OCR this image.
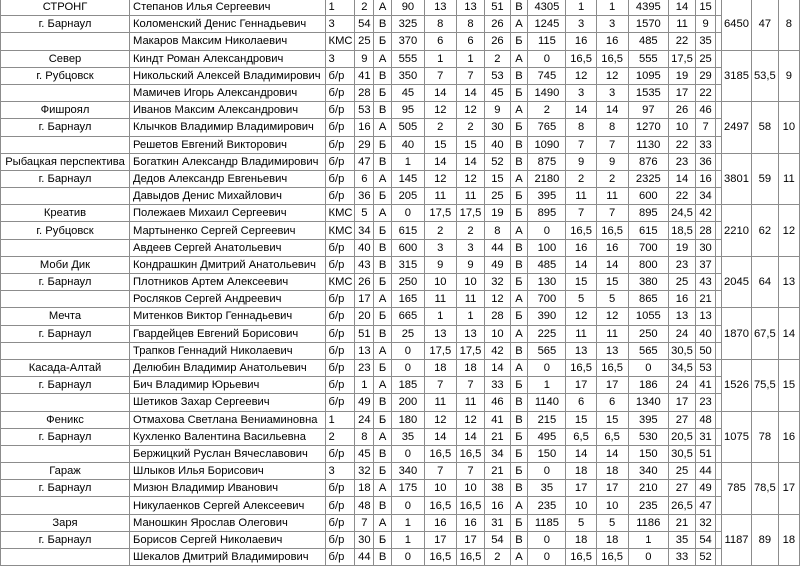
СТРОНГ	Степанов Илья Сергеевич	1	2	А	90	13	13	51	В	4305	1	1	4395	14	15		6450	47	8
г. Барнаул	Коломенский Денис Геннадьевич	3	54	В	325	8	8	26	А	1245	3	3	1570	11	9				
	Макаров Максим Николаевич	КМС	25	Б	370	6	6	26	Б	115	16	16	485	22	35				
Север	Киндт Роман Александрович	3	9	А	555	1	1	2	А	0	16,5	16,5	555	17,5	25		3185	53,5	9
г. Рубцовск	Никольский Алексей Владимирович	б/р	41	В	350	7	7	53	В	745	12	12	1095	19	29				
	Мамичев Игорь Александрович	б/р	28	Б	45	14	14	45	Б	1490	3	3	1535	17	22				
Фишроял	Иванов Максим Александрович	б/р	53	В	95	12	12	9	А	2	14	14	97	26	46		2497	58	10
г. Барнаул	Клычков Владимир Владимирович	б/р	16	А	505	2	2	30	Б	765	8	8	1270	10	7				
	Решетов Евгений Викторович	б/р	29	Б	40	15	15	40	В	1090	7	7	1130	22	33				
Рыбацкая перспектива	Богаткин Александр Владимирович	б/р	47	В	1	14	14	52	В	875	9	9	876	23	36		3801	59	11
г. Барнаул	Дедов Александр Евгеньевич	б/р	6	А	145	12	12	15	А	2180	2	2	2325	14	16				
	Давыдов Денис Михайлович	б/р	36	Б	205	11	11	25	Б	395	11	11	600	22	34				
Креатив	Полежаев Михаил Сергеевич	КМС	5	А	0	17,5	17,5	19	Б	895	7	7	895	24,5	42		2210	62	12
г. Рубцовск	Мартыненко Сергей Сергеевич	КМС	34	Б	615	2	2	8	А	0	16,5	16,5	615	18,5	28				
	Авдеев Сергей Анатольевич	б/р	40	В	600	3	3	44	В	100	16	16	700	19	30				
Моби Дик	Кондрашкин Дмитрий Анатольевич	б/р	43	В	315	9	9	49	В	485	14	14	800	23	37		2045	64	13
г. Барнаул	Плотников Артем Алексеевич	КМС	26	Б	250	10	10	32	Б	130	15	15	380	25	43				
	Росляков Сергей Андреевич	б/р	17	А	165	11	11	12	А	700	5	5	865	16	21				
Мечта	Митенков Виктор Геннадьевич	б/р	20	Б	665	1	1	28	Б	390	12	12	1055	13	13		1870	67,5	14
г. Барнаул	Гвардейцев Евгений Борисович	б/р	51	В	25	13	13	10	А	225	11	11	250	24	40				
	Трапков Геннадий Николаевич	б/р	13	А	0	17,5	17,5	42	В	565	13	13	565	30,5	50				
Касада-Алтай	Делюбин Владимир Анатольевич	б/р	23	Б	0	18	18	14	А	0	16,5	16,5	0	34,5	53		1526	75,5	15
г. Барнаул	Бич Владимир Юрьевич	б/р	1	А	185	7	7	33	Б	1	17	17	186	24	41				
	Шетиков Захар Сергеевич	б/р	49	В	200	11	11	46	В	1140	6	6	1340	17	23				
Феникс	Отмахова Светлана Вениаминовна	1	24	Б	180	12	12	41	В	215	15	15	395	27	48		1075	78	16
г. Барнаул	Кухленко Валентина Васильевна	2	8	А	35	14	14	21	Б	495	6,5	6,5	530	20,5	31				
	Бержицкий Руслан Вячеславович	б/р	45	В	0	16,5	16,5	34	Б	150	14	14	150	30,5	51				
Гараж	Шлыков Илья Борисович	3	32	Б	340	7	7	21	Б	0	18	18	340	25	44		785	78,5	17
г. Барнаул	Мизюн Владимир Иванович	б/р	18	А	175	10	10	38	В	35	17	17	210	27	49				
	Никулаенков Сергей Алексеевич	б/р	48	В	0	16,5	16,5	16	А	235	10	10	235	26,5	47				
Заря	Маношкин Ярослав Олегович	б/р	7	А	1	16	16	31	Б	1185	5	5	1186	21	32		1187	89	18
г. Барнаул	Борисов Сергей Николаевич	б/р	30	Б	1	17	17	54	В	0	18	18	1	35	54				
	Шекалов Дмитрий Владимирович	б/р	44	В	0	16,5	16,5	2	А	0	16,5	16,5	0	33	52				
